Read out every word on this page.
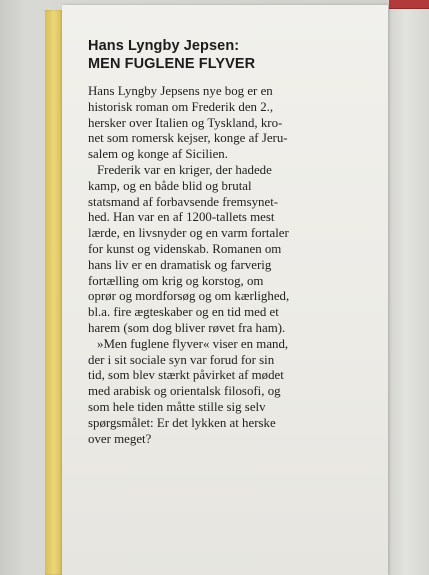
Hans Lyngby Jepsen:
MEN FUGLENE FLYVER
Hans Lyngby Jepsens nye bog er en
historisk roman om Frederik den 2.,
hersker over Italien og Tyskland, kro-
net som romersk kejser, konge af Jeru-
salem og konge af Sicilien.
Frederik var en kriger, der hadede
kamp, og en både blid og brutal
statsmand af forbavsende fremsynet-
hed. Han var en af 1200-tallets mest
lærde, en livsnyder og en varm fortaler
for kunst og videnskab. Romanen om
hans liv er en dramatisk og farverig
fortælling om krig og korstog, om
oprør og mordforsøg og om kærlighed,
bl.a. fire ægteskaber og en tid med et
harem (som dog bliver røvet fra ham).
»Men fuglene flyver« viser en mand,
der i sit sociale syn var forud for sin
tid, som blev stærkt påvirket af mødet
med arabisk og orientalsk filosofi, og
som hele tiden måtte stille sig selv
spørgsmålet: Er det lykken at herske
over meget?
